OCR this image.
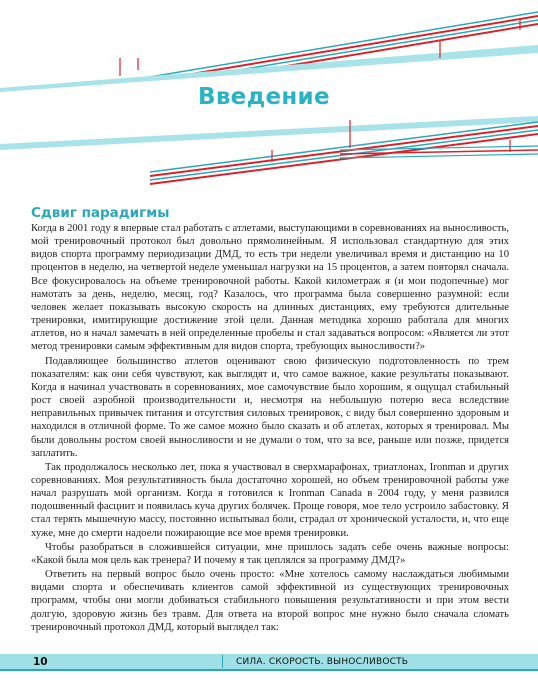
Введение
Сдвиг парадигмы

Когда в 2001 году я впервые стал работать с атлетами, выступающими в соревнованиях на выносливость, мой тренировочный протокол был довольно прямолинейным. Я использовал стандартную для этих видов спорта программу периодизации ДМД, то есть три недели увеличивал время и дистанцию на 10 процентов в неделю, на четвертой неделе уменьшал нагрузки на 15 процентов, а затем повторял сначала. Все фокусировалось на объеме тренировочной работы. Какой километраж я (и мои подопечные) мог намотать за день, неделю, месяц, год? Казалось, что программа была совершенно разумной: если человек желает показывать высокую скорость на длинных дистанциях, ему требуются длительные тренировки, имитирующие достижение этой цели. Данная методика хорошо работала для многих атлетов, но я начал замечать в ней определенные пробелы и стал задаваться вопросом: «Является ли этот метод тренировки самым эффективным для видов спорта, требующих выносливости?»

Подавляющее большинство атлетов оценивают свою физическую подготовленность по трем показателям: как они себя чувствуют, как выглядят и, что самое важное, какие результаты показывают. Когда я начинал участвовать в соревнованиях, мое самочувствие было хорошим, я ощущал стабильный рост своей аэробной производительности и, несмотря на небольшую потерю веса вследствие неправильных привычек питания и отсутствия силовых тренировок, с виду был совершенно здоровым и находился в отличной форме. То же самое можно было сказать и об атлетах, которых я тренировал. Мы были довольны ростом своей выносливости и не думали о том, что за все, раньше или позже, придется заплатить.

Так продолжалось несколько лет, пока я участвовал в сверхмарафонах, триатлонах, Ironman и других соревнованиях. Моя результативность была достаточно хорошей, но объем тренировочной работы уже начал разрушать мой организм. Когда я готовился к Ironman Canada в 2004 году, у меня развился подошвенный фасциит и появилась куча других болячек. Проще говоря, мое тело устроило забастовку. Я стал терять мышечную массу, постоянно испытывал боли, страдал от хронической усталости, и, что еще хуже, мне до смерти надоели пожирающие все мое время тренировки.

Чтобы разобраться в сложившейся ситуации, мне пришлось задать себе очень важные вопросы: «Какой была моя цель как тренера? И почему я так цеплялся за программу ДМД?»

Ответить на первый вопрос было очень просто: «Мне хотелось самому наслаждаться любимыми видами спорта и обеспечивать клиентов самой эффективной из существующих тренировочных программ, чтобы они могли добиваться стабильного повышения результативности и при этом вести долгую, здоровую жизнь без травм. Для ответа на второй вопрос мне нужно было сначала сломать тренировочный протокол ДМД, который выглядел так:

10	СИЛА. СКОРОСТЬ. ВЫНОСЛИВОСТЬ
